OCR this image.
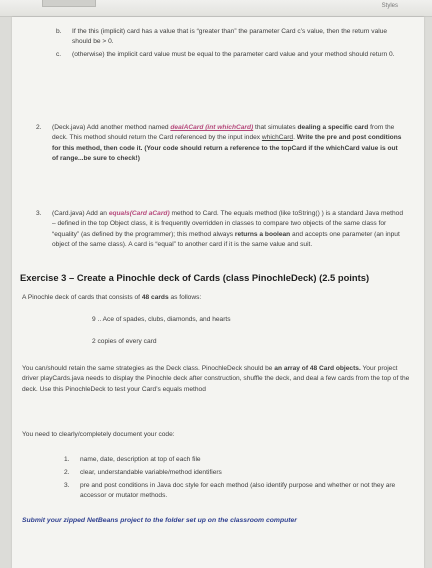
Styles
b. If the this (implicit) card has a value that is “greater than” the parameter Card c’s value, then the return value should be > 0.
c. (otherwise) the implicit card value must be equal to the parameter card value and your method should return 0.
2. (Deck.java) Add another method named dealACard (int whichCard) that simulates dealing a specific card from the deck. This method should return the Card referenced by the input index whichCard. Write the pre and post conditions for this method, then code it. (Your code should return a reference to the topCard if the whichCard value is out of range...be sure to check!)
3. (Card.java) Add an equals(Card aCard) method to Card. The equals method (like toString() ) is a standard Java method – defined in the top Object class, it is frequently overridden in classes to compare two objects of the same class for “equality” (as defined by the programmer); this method always returns a boolean and accepts one parameter (an input object of the same class). A card is “equal” to another card if it is the same value and suit.
Exercise 3 – Create a Pinochle deck of Cards (class PinochleDeck) (2.5 points)
A Pinochle deck of cards that consists of 48 cards as follows:
9 .. Ace of spades, clubs, diamonds, and hearts
2 copies of every card
You can/should retain the same strategies as the Deck class. PinochleDeck should be an array of 48 Card objects. Your project driver playCards.java needs to display the Pinochle deck after construction, shuffle the deck, and deal a few cards from the top of the deck. Use this PinochleDeck to test your Card’s equals method
You need to clearly/completely document your code:
1. name, date, description at top of each file
2. clear, understandable variable/method identifiers
3. pre and post conditions in Java doc style for each method (also identify purpose and whether or not they are accessor or mutator methods.
Submit your zipped NetBeans project to the folder set up on the classroom computer
